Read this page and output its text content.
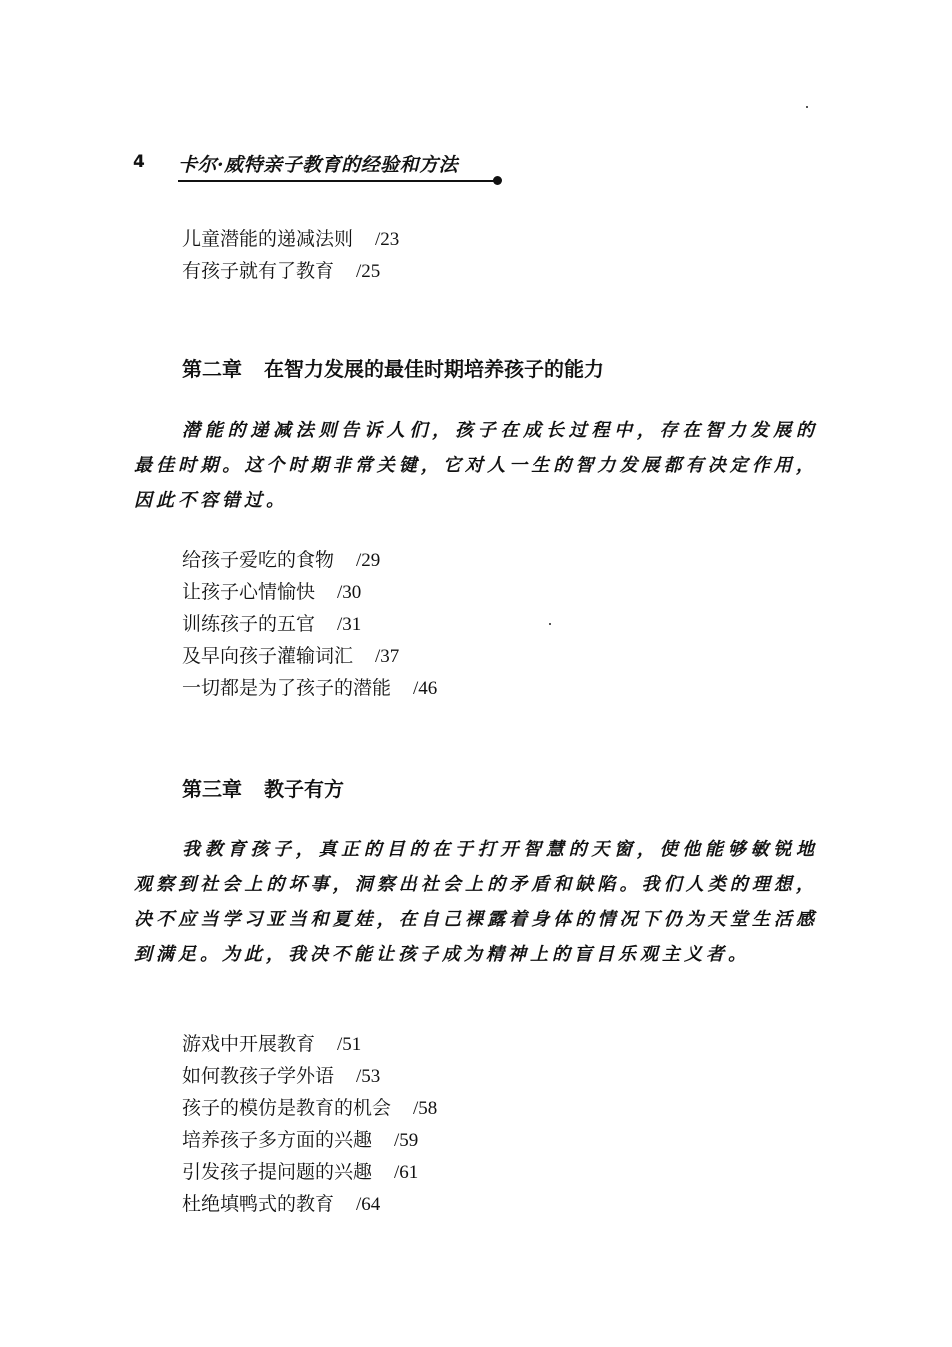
4 卡尔·威特亲子教育的经验和方法
儿童潜能的递减法则 /23
有孩子就有了教育 /25
第二章 在智力发展的最佳时期培养孩子的能力

潜能的递减法则告诉人们，孩子在成长过程中，存在智力发展的最佳时期。这个时期非常关键，它对人一生的智力发展都有决定作用，因此不容错过。

给孩子爱吃的食物 /29
让孩子心情愉快 /30
训练孩子的五官 /31
及早向孩子灌输词汇 /37
一切都是为了孩子的潜能 /46
第三章 教子有方

我教育孩子，真正的目的在于打开智慧的天窗，使他能够敏锐地观察到社会上的坏事，洞察出社会上的矛盾和缺陷。我们人类的理想，决不应当学习亚当和夏娃，在自己裸露着身体的情况下仍为天堂生活感到满足。为此，我决不能让孩子成为精神上的盲目乐观主义者。

游戏中开展教育 /51
如何教孩子学外语 /53
孩子的模仿是教育的机会 /58
培养孩子多方面的兴趣 /59
引发孩子提问题的兴趣 /61
杜绝填鸭式的教育 /64
